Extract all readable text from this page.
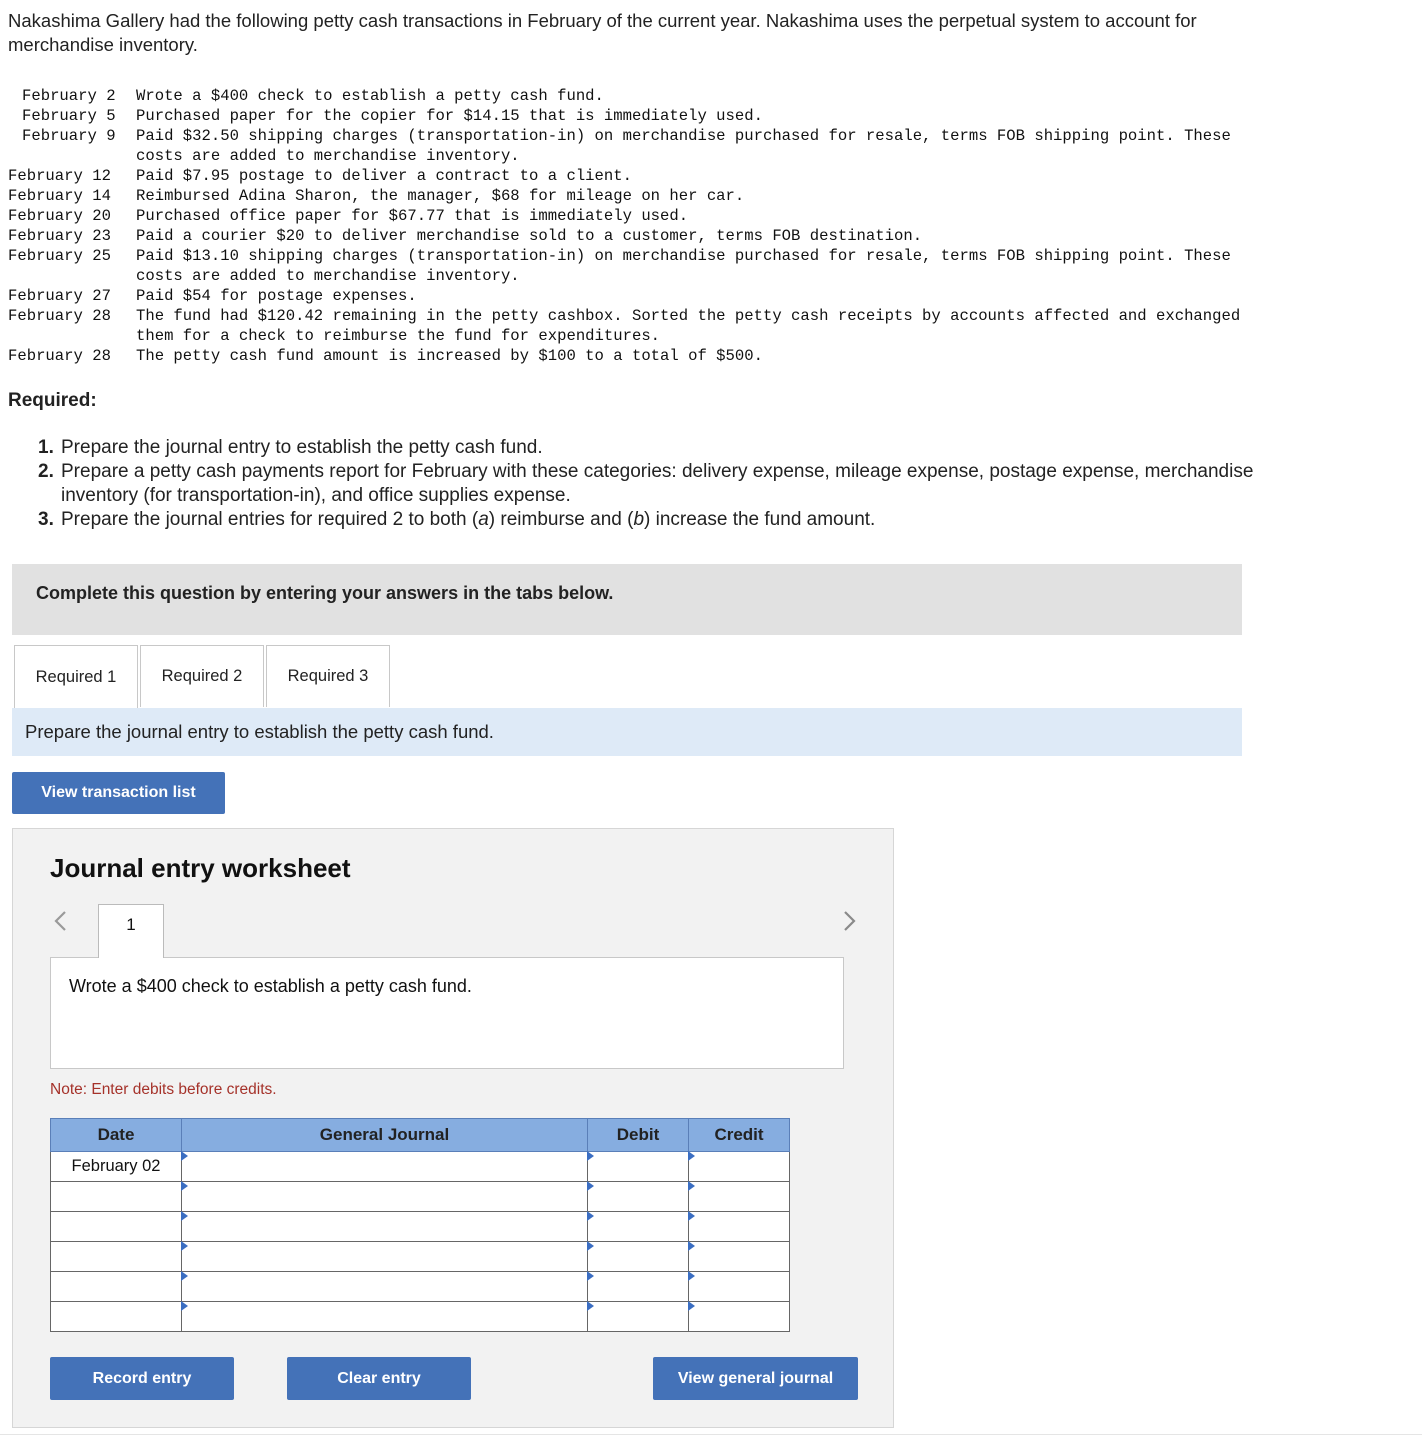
Nakashima Gallery had the following petty cash transactions in February of the current year. Nakashima uses the perpetual system to account for merchandise inventory.
February 2	Wrote a $400 check to establish a petty cash fund.
February 5	Purchased paper for the copier for $14.15 that is immediately used.
February 9	Paid $32.50 shipping charges (transportation-in) on merchandise purchased for resale, terms FOB shipping point. These costs are added to merchandise inventory.
February 12	Paid $7.95 postage to deliver a contract to a client.
February 14	Reimbursed Adina Sharon, the manager, $68 for mileage on her car.
February 20	Purchased office paper for $67.77 that is immediately used.
February 23	Paid a courier $20 to deliver merchandise sold to a customer, terms FOB destination.
February 25	Paid $13.10 shipping charges (transportation-in) on merchandise purchased for resale, terms FOB shipping point. These costs are added to merchandise inventory.
February 27	Paid $54 for postage expenses.
February 28	The fund had $120.42 remaining in the petty cashbox. Sorted the petty cash receipts by accounts affected and exchanged them for a check to reimburse the fund for expenditures.
February 28	The petty cash fund amount is increased by $100 to a total of $500.
Required:
1. Prepare the journal entry to establish the petty cash fund.
2. Prepare a petty cash payments report for February with these categories: delivery expense, mileage expense, postage expense, merchandise inventory (for transportation-in), and office supplies expense.
3. Prepare the journal entries for required 2 to both (a) reimburse and (b) increase the fund amount.
Complete this question by entering your answers in the tabs below.
Required 1	Required 2	Required 3
Prepare the journal entry to establish the petty cash fund.
View transaction list
Journal entry worksheet
1
Wrote a $400 check to establish a petty cash fund.
Note: Enter debits before credits.
Date	General Journal	Debit	Credit
February 02			

Record entry	Clear entry	View general journal
